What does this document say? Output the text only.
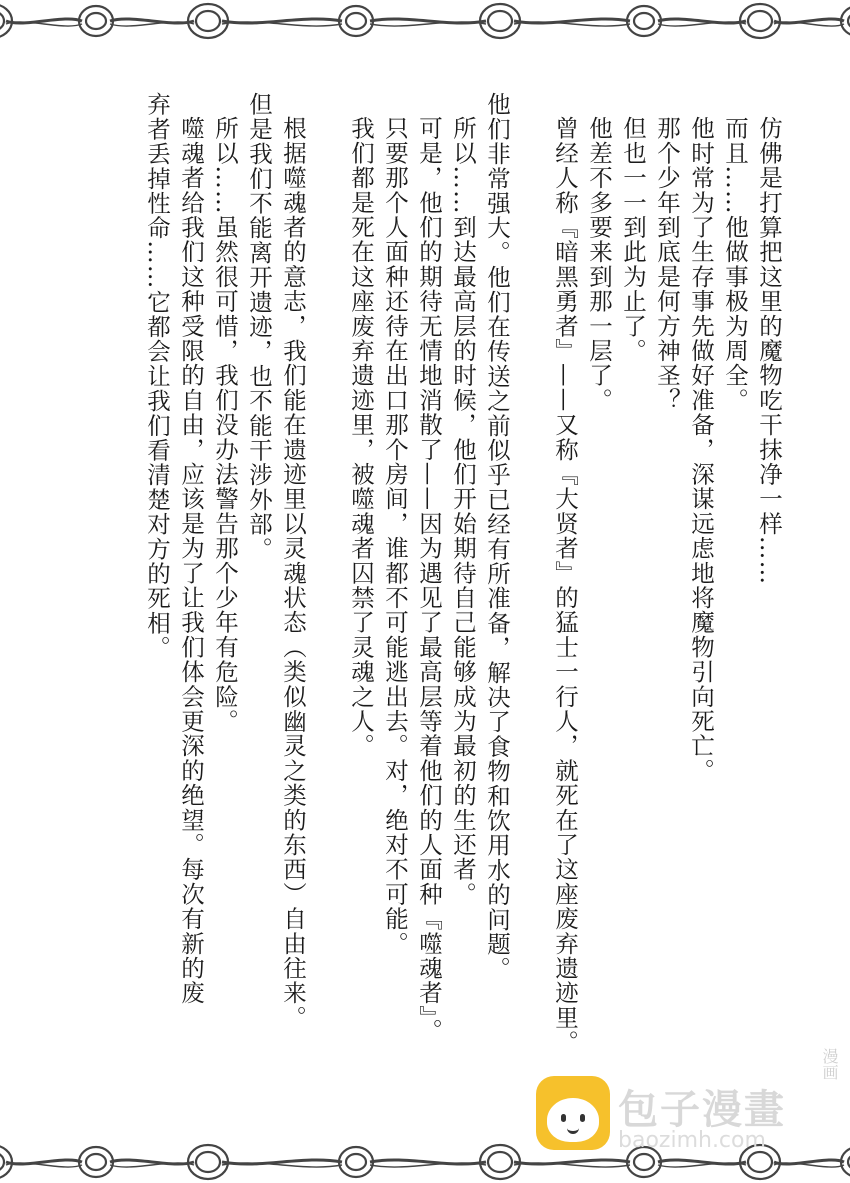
仿佛是打算把这里的魔物吃干抹净一样……

而且……他做事极为周全。

他时常为了生存事先做好准备，深谋远虑地将魔物引向死亡。

那个少年到底是何方神圣？

但也一一到此为止了。

他差不多要来到那一层了。

曾经人称『暗黑勇者』——又称『大贤者』的猛士一行人，就死在了这座废弃遗迹里。

他们非常强大。他们在传送之前似乎已经有所准备，解决了食物和饮用水的问题。

所以……到达最高层的时候，他们开始期待自己能够成为最初的生还者。

可是，他们的期待无情地消散了——因为遇见了最高层等着他们的人面种『噬魂者』。

只要那个人面种还待在出口那个房间，谁都不可能逃出去。对，绝对不可能。

我们都是死在这座废弃遗迹里，被噬魂者囚禁了灵魂之人。

根据噬魂者的意志，我们能在遗迹里以灵魂状态（类似幽灵之类的东西）自由往来。

但是我们不能离开遗迹，也不能干涉外部。

所以……虽然很可惜，我们没办法警告那个少年有危险。

噬魂者给我们这种受限的自由，应该是为了让我们体会更深的绝望。每次有新的废

弃者丢掉性命……它都会让我们看清楚对方的死相。

包子漫畫
漫画
baozimh.com
